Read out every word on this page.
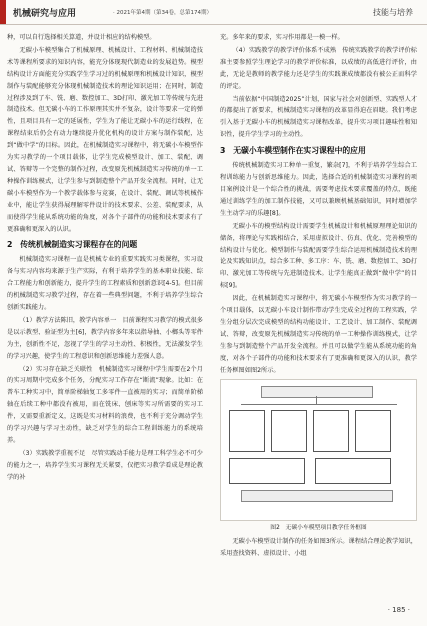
机械研究与应用	· 2021年第4期（第34卷，总第174期）	技能与培养

种，可以自行选择相关算道，并设计相应的结构模型。

无碳小车模型集合了机械原理、机械设计、工程材料、机械制造技术等课程所要求的知识内容，能充分体现现代制造业的发展趋势。模型结构设计方面能充分实践学生学习过的机械原理和机械设计知识，模型制作与装配能够充分体现机械制造技术的理论知识运用；在同时，制造过程涉及到了车、铣、磨、数控加工、3D打印、激光加工等传统与先进制造技术。但无碳小车的工作原理其实并不复杂，设计等要求一定的弹性，且项目具有一定的延展性，学生为了能让无碳小车的运行线程，在课程结束后仍会有动力继续提升优化机构的设计方案与制作装配，达到“做中学”的目标。因此，在机械制造实习课程中，将无碳小车模型作为实习教学的一个项目载体，让学生完成模型设计、加工、装配、调试、答辩等一个完整的制作过程，改变原先机械制造实习传统的单一工种操作训练模式，让学生参与到制造整个产品开发全流程。同时，让无碳小车模型作为一个教学载体参与竞赛，在设计、装配、调试等机械作业中，能让学生获得展理解零件设计的技术要求、公差、装配要求，从而使得学生能从系统功能的角度，对各个子部件的功能和技术要求有了更准确和更深入的认识。

2　传统机械制造实习课程存在的问题

机械制造实习课程一直是机械专业的重要实践实习类课程，实习设备与实习内容均来源于生产实际，有利于培养学生的基本职业技能、综合工程能力和创新能力，提升学生的工程素质和创新意识[4-5]。但目前的机械制造实习教学过程，存在着一些典型问题，不利于培养学生综合创新实践能力。

（1）教学方法陈旧，教学内容单一　目前课程实习教学的模式很多是以示教型、验证型为主[6]，教学内容多年来以指导抽、小榔头等零件为主，创新性不足，忽视了学生的学习主动性、积极性，无法激发学生的学习兴趣，使学生的工程意识和创新思维能力差强人意。

（2）实习存在缺乏关联性　机械制造实习课程中学生需要在2个月的实习周期中完成多个任务，分配实习工作存在“断流”现象。比如：在普车工种实习中，简单阶梯轴复工多零件一直被用的实习；而简单阶梯轴在后续工种中都没有被用，而在铣床、刨床等实习所需要的实习工件，又需要重新定义，这既是实习材料的浪费，也不利于充分调动学生的学习兴趣与学习主动性，缺乏对学生的综合工程训练能力的系统培养。

（3）实践教学重视不足　尽管实践动手能力是理工科学生必不可少的能力之一，培养学生实习课程无关紧要，仅把实习教学看成是理论教学的补

充。多年来的要求，实习作用都是一模一样。

（4）实践教学的教学评价体系不成熟　传统实践教学的教学评价标准主要参照学生理论学习的教学评价标准，以成绩的高低进行评价，由此，无论是教师的教学能力还是学生的实践课成绩都没有被公正而科学的评定。

当前依据“中国制造2025”计划，国家与社会对创新型、实践型人才的都提出了新要求，机械制造实习课程的改革显得迫在眉睫。我们考虑引入基于无碳小车的机械制造实习课程改革，提升实习项目趣味性和知识性，提升学生学习的主动性。

3　无碳小车模型制作在实习课程中的应用

传统机械制造实习工种单一重复，繁杂[7]，不利于培养学生综合工程训练能力与创新思维能力。因此，选择合适的机械制造实习课程的项目案例设计是一个综合性的挑战，需要考虑技术要求覆盖的特点，既能通过训练学生的加工制作技能，又可以兼顾机械基础知识，同时增加学生主动学习的乐趣[8]。

无碳小车的模型结构设计需要学生机械设计和机械原理理论知识的储备，将理论与实践相结合，采用虚拟设计、仿真、优化、完善模型的结构设计与优化。模型制作与装配需要学生综合运用机械制造技术的理论及实践知识点，综合多工种、多工序：车、铣、磨、数控加工、3D打印、激光加工等传统与先进制造技术。让学生能真正做到“做中学”的目标[9]。

因此，在机械制造实习课程中，将无碳小车模型作为实习教学的一个项目载体，以无碳小车设计制作带动学生完成全过程的工程实践，学生分组分层次完成模型的结构功能设计、工艺设计、加工制作、装配调试、答辩，改变原先机械制造实习传统的单一工种操作训练模式，让学生参与到制造整个产品开发全流程。并且可以做学生能从系统功能的角度，对各个子部件的功能和技术要求有了更准确和更深入的认识，教学任务框图如图2所示。

图2　无碳小车模型项目教学任务框图

无碳小车模型设计制作的任务如图3所示。课程结合理论教学知识，采用查找资料、虚拟设计、小组

· 185 ·
